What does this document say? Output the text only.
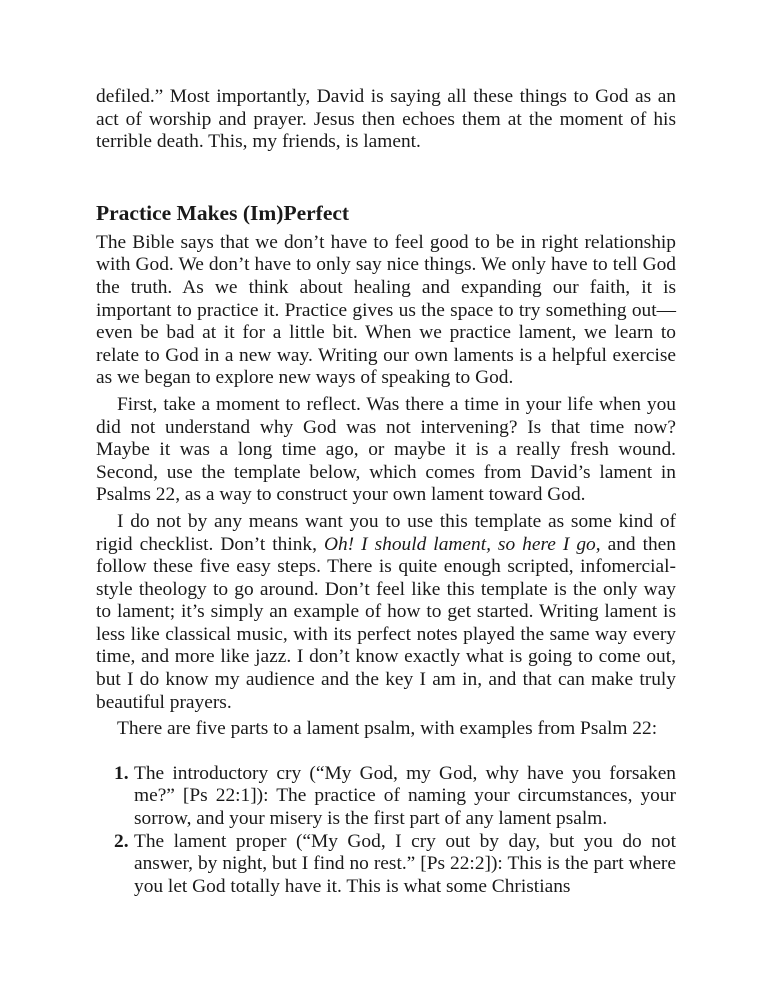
defiled.” Most importantly, David is saying all these things to God as an act of worship and prayer. Jesus then echoes them at the moment of his terrible death. This, my friends, is lament.

Practice Makes (Im)Perfect

The Bible says that we don’t have to feel good to be in right relationship with God. We don’t have to only say nice things. We only have to tell God the truth. As we think about healing and expanding our faith, it is important to practice it. Practice gives us the space to try something out—even be bad at it for a little bit. When we practice lament, we learn to relate to God in a new way. Writing our own laments is a helpful exercise as we began to explore new ways of speaking to God.

First, take a moment to reflect. Was there a time in your life when you did not understand why God was not intervening? Is that time now? Maybe it was a long time ago, or maybe it is a really fresh wound. Second, use the template below, which comes from David’s lament in Psalms 22, as a way to construct your own lament toward God.

I do not by any means want you to use this template as some kind of rigid checklist. Don’t think, Oh! I should lament, so here I go, and then follow these five easy steps. There is quite enough scripted, infomercial-style theology to go around. Don’t feel like this template is the only way to lament; it’s simply an example of how to get started. Writing lament is less like classical music, with its perfect notes played the same way every time, and more like jazz. I don’t know exactly what is going to come out, but I do know my audience and the key I am in, and that can make truly beautiful prayers.

There are five parts to a lament psalm, with examples from Psalm 22:

1. The introductory cry (“My God, my God, why have you forsaken me?” [Ps 22:1]): The practice of naming your circumstances, your sorrow, and your misery is the first part of any lament psalm.
2. The lament proper (“My God, I cry out by day, but you do not answer, by night, but I find no rest.” [Ps 22:2]): This is the part where you let God totally have it. This is what some Christians
